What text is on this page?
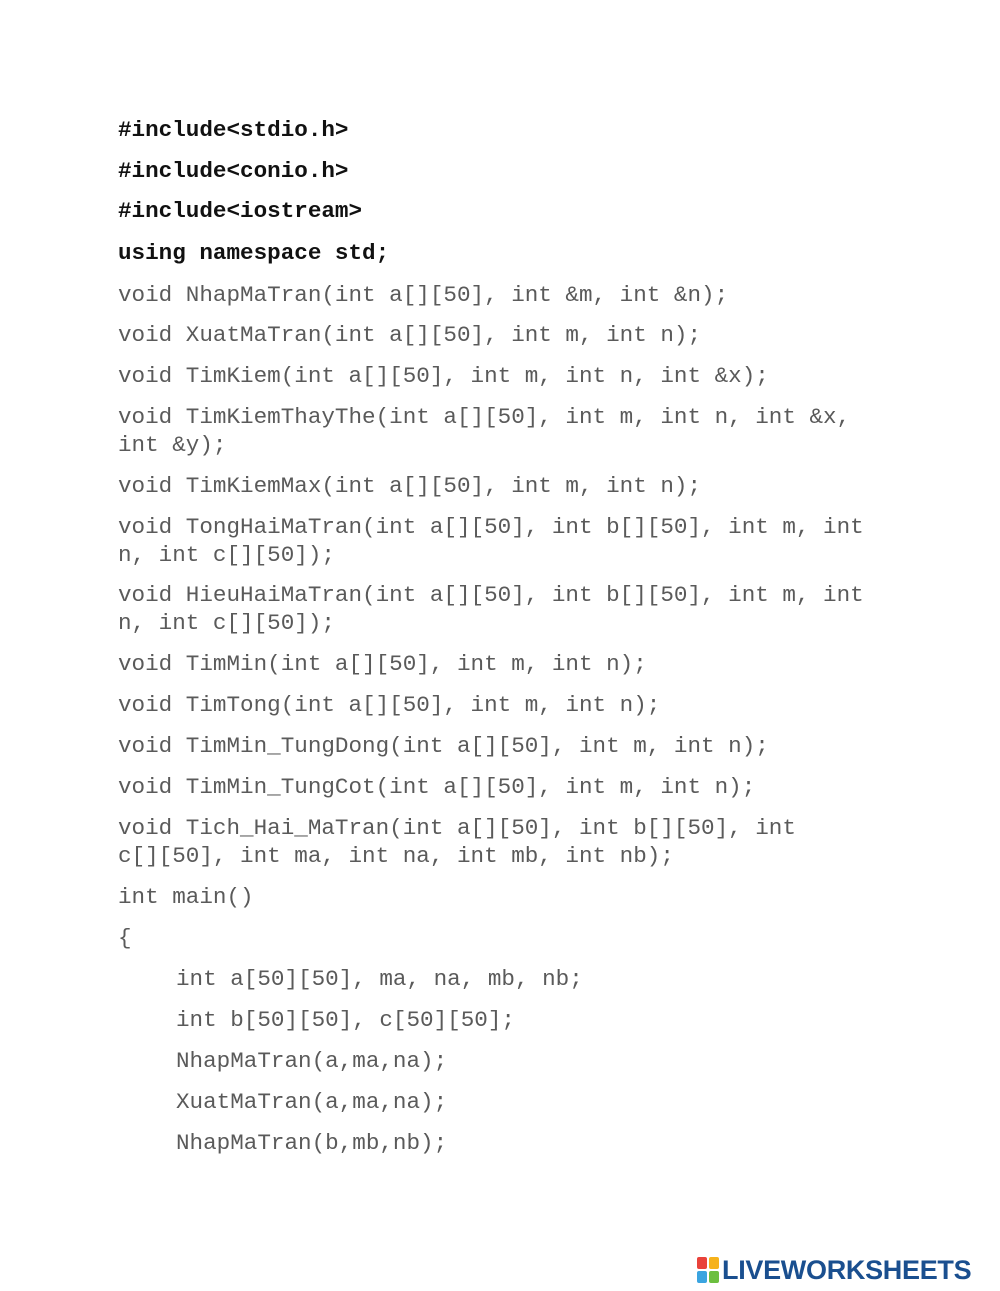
#include<stdio.h>
#include<conio.h>
#include<iostream>
using namespace std;
void NhapMaTran(int a[][50], int &m, int &n);
void XuatMaTran(int a[][50], int m, int n);
void TimKiem(int a[][50], int m, int n, int &x);
void TimKiemThayThe(int a[][50], int m, int n, int &x,
int &y);
void TimKiemMax(int a[][50], int m, int n);
void TongHaiMaTran(int a[][50], int b[][50], int m, int
n, int c[][50]);
void HieuHaiMaTran(int a[][50], int b[][50], int m, int
n, int c[][50]);
void TimMin(int a[][50], int m, int n);
void TimTong(int a[][50], int m, int n);
void TimMin_TungDong(int a[][50], int m, int n);
void TimMin_TungCot(int a[][50], int m, int n);
void Tich_Hai_MaTran(int a[][50], int b[][50], int
c[][50], int ma, int na, int mb, int nb);
int main()
{
int a[50][50], ma, na, mb, nb;
int b[50][50], c[50][50];
NhapMaTran(a,ma,na);
XuatMaTran(a,ma,na);
NhapMaTran(b,mb,nb);
LIVEWORKSHEETS
